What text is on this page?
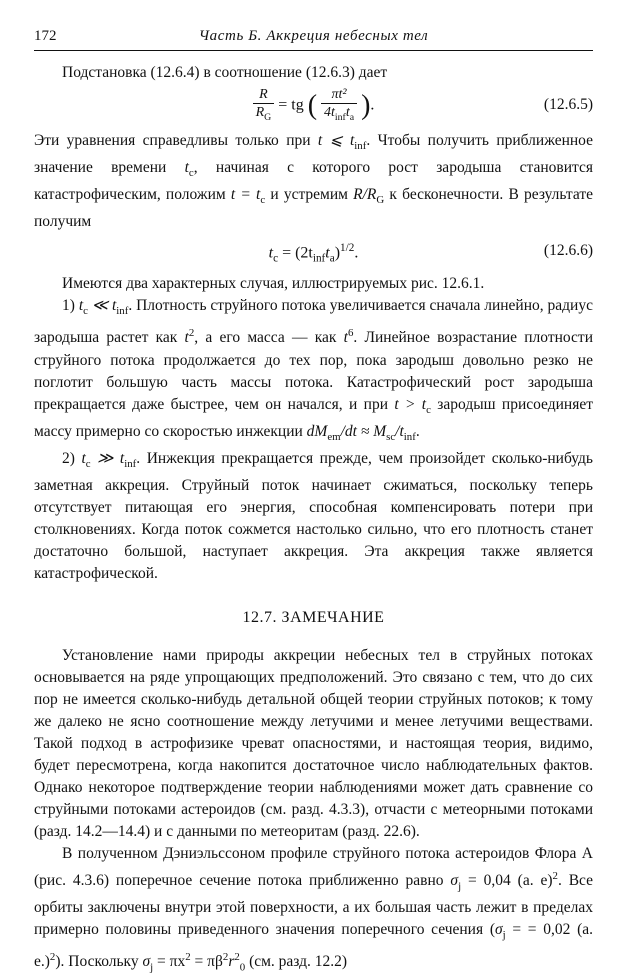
172	Часть Б. Аккреция небесных тел

Подстановка (12.6.4) в соотношение (12.6.3) дает

$\frac{R}{R_G}$ = tg ( $\frac{\text{πt²}}{4t_{inf}t_a}$ ).	(12.6.5)

Эти уравнения справедливы только при t ⩽ $t_{inf}$. Чтобы получить приближенное значение времени $t_c$, начиная с которого рост зародыша становится катастрофическим, положим $t = t_c$ и устремим $R/R_G$ к бесконечности. В результате получим

$t_c = (2t_{inf}t_a)^{1/2}$.	(12.6.6)

Имеются два характерных случая, иллюстрируемых рис. 12.6.1.

1) $t_c$ ≪ $t_{inf}$. Плотность струйного потока увеличивается сначала линейно, радиус зародыша растет как $t^2$, а его масса — как $t^6$. Линейное возрастание плотности струйного потока продолжается до тех пор, пока зародыш довольно резко не поглотит большую часть массы потока. Катастрофический рост зародыша прекращается даже быстрее, чем он начался, и при $t > t_c$ зародыш присоединяет массу примерно со скоростью инжекции $dM_{em}/dt \approx M_{sc}/t_{inf}$.

2) $t_c$ ≫ $t_{inf}$. Инжекция прекращается прежде, чем произойдет сколько-нибудь заметная аккреция. Струйный поток начинает сжиматься, поскольку теперь отсутствует питающая его энергия, способная компенсировать потери при столкновениях. Когда поток сожмется настолько сильно, что его плотность станет достаточно большой, наступает аккреция. Эта аккреция также является катастрофической.

12.7. ЗАМЕЧАНИЕ

Установление нами природы аккреции небесных тел в струйных потоках основывается на ряде упрощающих предположений. Это связано с тем, что до сих пор не имеется сколько-нибудь детальной общей теории струйных потоков; к тому же далеко не ясно соотношение между летучими и менее летучими веществами. Такой подход в астрофизике чреват опасностями, и настоящая теория, видимо, будет пересмотрена, когда накопится достаточное число наблюдательных фактов. Однако некоторое подтверждение теории наблюдениями может дать сравнение со струйными потоками астероидов (см. разд. 4.3.3), отчасти с метеорными потоками (разд. 14.2—14.4) и с данными по метеоритам (разд. 22.6).

В полученном Дэниэльссоном профиле струйного потока астероидов Флора А (рис. 4.3.6) поперечное сечение потока приближенно равно $\sigma_j = 0,04$ (а. е)$^2$. Все орбиты заключены внутри этой поверхности, а их большая часть лежит в пределах примерно половины приведенного значения поперечного сечения ($\sigma_j$ = = 0,02 (а. е.)$^2$). Поскольку $\sigma_j = \pi x^2 = \pi\beta^2r^2_0$ (см. разд. 12.2)
